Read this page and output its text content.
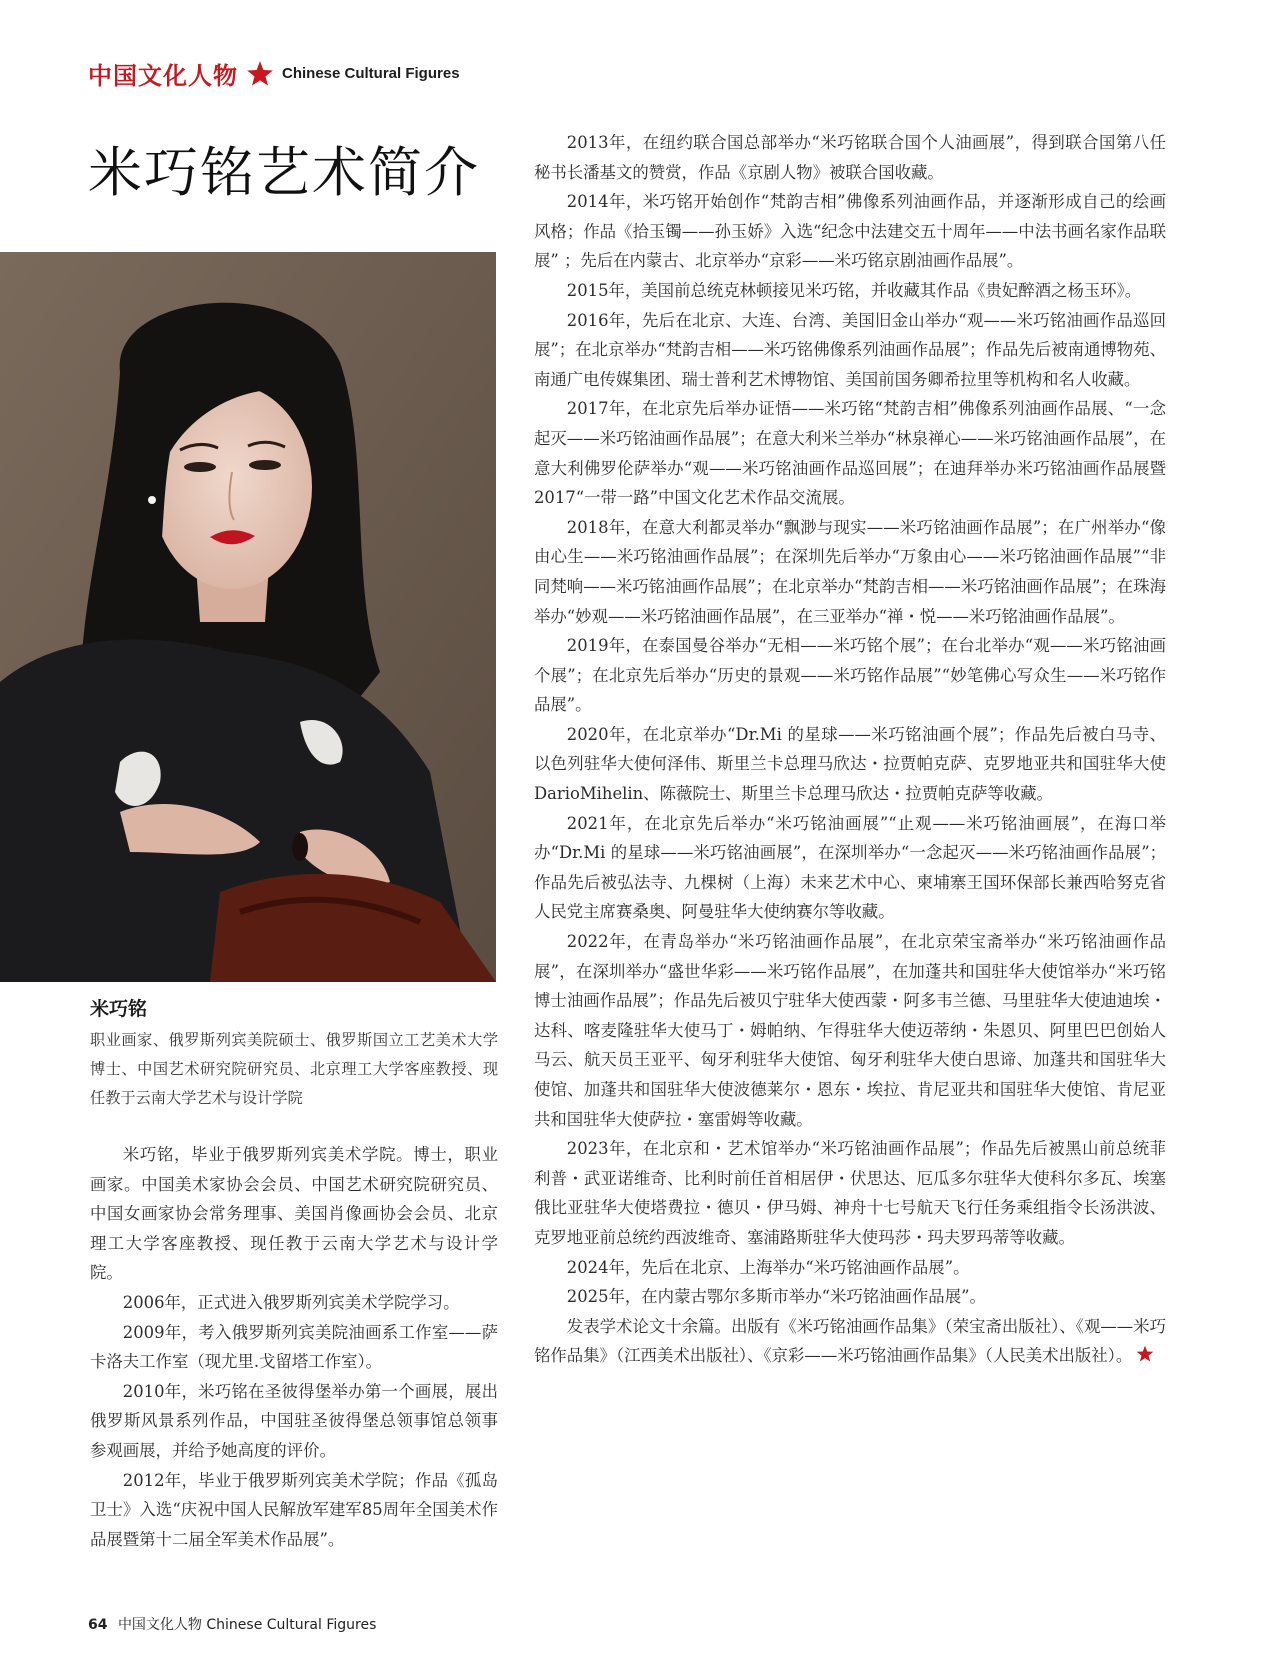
中国文化人物	Chinese Cultural Figures
米巧铭艺术简介
米巧铭
职业画家、俄罗斯列宾美院硕士、俄罗斯国立工艺美术大学博士、中国艺术研究院研究员、北京理工大学客座教授、现任教于云南大学艺术与设计学院

米巧铭，毕业于俄罗斯列宾美术学院。博士，职业画家。中国美术家协会会员、中国艺术研究院研究员、中国女画家协会常务理事、美国肖像画协会会员、北京理工大学客座教授、现任教于云南大学艺术与设计学院。

2006年，正式进入俄罗斯列宾美术学院学习。

2009年，考入俄罗斯列宾美院油画系工作室——萨卡洛夫工作室（现尤里.戈留塔工作室）。

2010年，米巧铭在圣彼得堡举办第一个画展，展出俄罗斯风景系列作品，中国驻圣彼得堡总领事馆总领事参观画展，并给予她高度的评价。

2012年，毕业于俄罗斯列宾美术学院；作品《孤岛卫士》入选“庆祝中国人民解放军建军85周年全国美术作品展暨第十二届全军美术作品展”。

2013年，在纽约联合国总部举办“米巧铭联合国个人油画展”，得到联合国第八任秘书长潘基文的赞赏，作品《京剧人物》被联合国收藏。

2014年，米巧铭开始创作“梵韵吉相”佛像系列油画作品，并逐渐形成自己的绘画风格；作品《拾玉镯——孙玉娇》入选“纪念中法建交五十周年——中法书画名家作品联展” ；先后在内蒙古、北京举办“京彩——米巧铭京剧油画作品展”。

2015年，美国前总统克林顿接见米巧铭，并收藏其作品《贵妃醉酒之杨玉环》。

2016年，先后在北京、大连、台湾、美国旧金山举办“观——米巧铭油画作品巡回展”；在北京举办“梵韵吉相——米巧铭佛像系列油画作品展”；作品先后被南通博物苑、南通广电传媒集团、瑞士普利艺术博物馆、美国前国务卿希拉里等机构和名人收藏。

2017年，在北京先后举办证悟——米巧铭“梵韵吉相”佛像系列油画作品展、“一念起灭——米巧铭油画作品展”；在意大利米兰举办“林泉禅心——米巧铭油画作品展”，在意大利佛罗伦萨举办“观——米巧铭油画作品巡回展”；在迪拜举办米巧铭油画作品展暨2017“一带一路”中国文化艺术作品交流展。

2018年，在意大利都灵举办“飘渺与现实——米巧铭油画作品展”；在广州举办“像由心生——米巧铭油画作品展”；在深圳先后举办“万象由心——米巧铭油画作品展”“非同梵响——米巧铭油画作品展”；在北京举办“梵韵吉相——米巧铭油画作品展”；在珠海举办“妙观——米巧铭油画作品展”，在三亚举办“禅・悦——米巧铭油画作品展”。

2019年，在泰国曼谷举办“无相——米巧铭个展”；在台北举办“观——米巧铭油画个展”；在北京先后举办“历史的景观——米巧铭作品展”“妙笔佛心写众生——米巧铭作品展”。

2020年，在北京举办“Dr.Mi 的星球——米巧铭油画个展”；作品先后被白马寺、以色列驻华大使何泽伟、斯里兰卡总理马欣达・拉贾帕克萨、克罗地亚共和国驻华大使DarioMihelin、陈薇院士、斯里兰卡总理马欣达・拉贾帕克萨等收藏。

2021年，在北京先后举办“米巧铭油画展”“止观——米巧铭油画展”，在海口举办“Dr.Mi 的星球——米巧铭油画展”，在深圳举办“一念起灭——米巧铭油画作品展”；作品先后被弘法寺、九棵树（上海）未来艺术中心、柬埔寨王国环保部长兼西哈努克省人民党主席赛桑奥、阿曼驻华大使纳赛尔等收藏。

2022年，在青岛举办“米巧铭油画作品展”，在北京荣宝斋举办“米巧铭油画作品展”，在深圳举办“盛世华彩——米巧铭作品展”，在加蓬共和国驻华大使馆举办“米巧铭博士油画作品展”；作品先后被贝宁驻华大使西蒙・阿多韦兰德、马里驻华大使迪迪埃・达科、喀麦隆驻华大使马丁・姆帕纳、乍得驻华大使迈蒂纳・朱恩贝、阿里巴巴创始人马云、航天员王亚平、匈牙利驻华大使馆、匈牙利驻华大使白思谛、加蓬共和国驻华大使馆、加蓬共和国驻华大使波德莱尔・恩东・埃拉、肯尼亚共和国驻华大使馆、肯尼亚共和国驻华大使萨拉・塞雷姆等收藏。

2023年，在北京和・艺术馆举办“米巧铭油画作品展”；作品先后被黑山前总统菲利普・武亚诺维奇、比利时前任首相居伊・伏思达、厄瓜多尔驻华大使科尔多瓦、埃塞俄比亚驻华大使塔费拉・德贝・伊马姆、神舟十七号航天飞行任务乘组指令长汤洪波、克罗地亚前总统约西波维奇、塞浦路斯驻华大使玛莎・玛夫罗玛蒂等收藏。

2024年，先后在北京、上海举办“米巧铭油画作品展”。

2025年，在内蒙古鄂尔多斯市举办“米巧铭油画作品展”。

发表学术论文十余篇。出版有《米巧铭油画作品集》（荣宝斋出版社）、《观——米巧铭作品集》（江西美术出版社）、《京彩——米巧铭油画作品集》（人民美术出版社）。

64 中国文化人物 Chinese Cultural Figures
